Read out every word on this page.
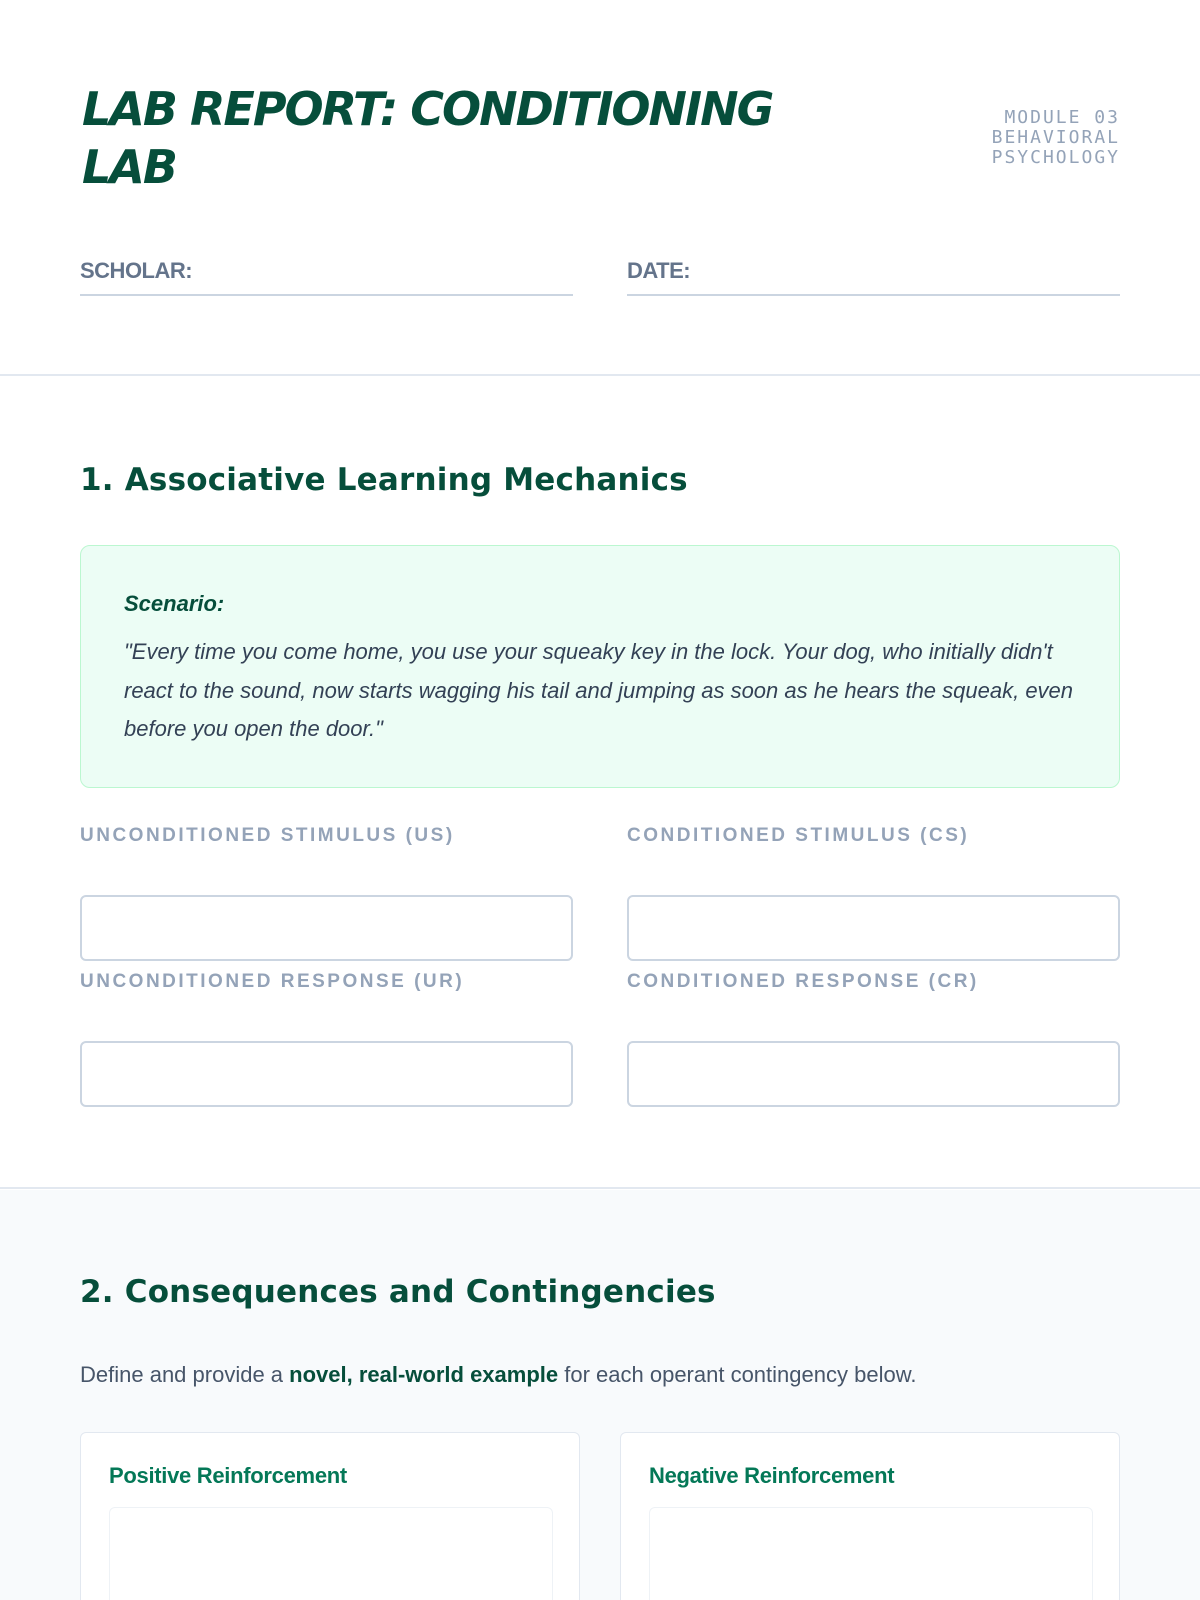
LAB REPORT: CONDITIONING LAB
MODULE 03
BEHAVIORAL
PSYCHOLOGY
SCHOLAR:	DATE:
1. Associative Learning Mechanics
Scenario:
"Every time you come home, you use your squeaky key in the lock. Your dog, who initially didn't react to the sound, now starts wagging his tail and jumping as soon as he hears the squeak, even before you open the door."
UNCONDITIONED STIMULUS (US)	CONDITIONED STIMULUS (CS)
UNCONDITIONED RESPONSE (UR)	CONDITIONED RESPONSE (CR)
2. Consequences and Contingencies
Define and provide a novel, real-world example for each operant contingency below.
Positive Reinforcement	Negative Reinforcement
